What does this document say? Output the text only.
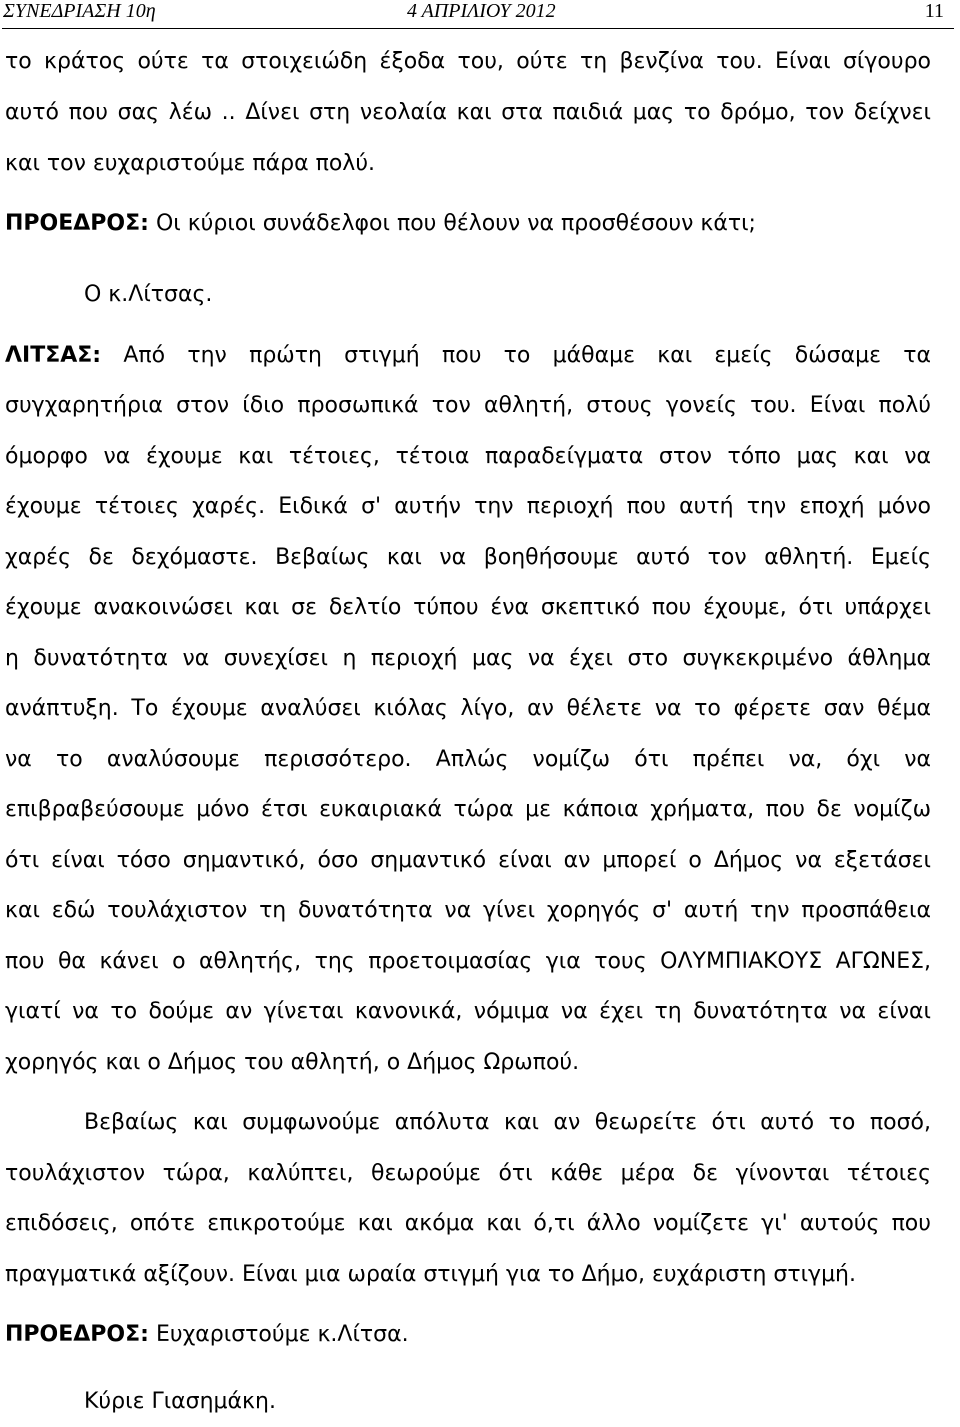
ΣΥΝΕΔΡΙΑΣΗ 10η	4 ΑΠΡΙΛΙΟΥ 2012	11
το κράτος ούτε τα στοιχειώδη έξοδα του, ούτε τη βενζίνα του. Είναι σίγουρο
αυτό που σας λέω .. Δίνει στη νεολαία και στα παιδιά μας το δρόμο, τον δείχνει
και τον ευχαριστούμε πάρα πολύ.
ΠΡΟΕΔΡΟΣ: Οι κύριοι συνάδελφοι που θέλουν να προσθέσουν κάτι;
Ο κ.Λίτσας.
ΛΙΤΣΑΣ: Από την πρώτη στιγμή που το μάθαμε και εμείς δώσαμε τα
συγχαρητήρια στον ίδιο προσωπικά τον αθλητή, στους γονείς του. Είναι πολύ
όμορφο να έχουμε και τέτοιες, τέτοια παραδείγματα στον τόπο μας και να
έχουμε τέτοιες χαρές. Ειδικά σ' αυτήν την περιοχή που αυτή την εποχή μόνο
χαρές δε δεχόμαστε. Βεβαίως και να βοηθήσουμε αυτό τον αθλητή. Εμείς
έχουμε ανακοινώσει και σε δελτίο τύπου ένα σκεπτικό που έχουμε, ότι υπάρχει
η δυνατότητα να συνεχίσει η περιοχή μας να έχει στο συγκεκριμένο άθλημα
ανάπτυξη. Το έχουμε αναλύσει κιόλας λίγο, αν θέλετε να το φέρετε σαν θέμα
να το αναλύσουμε περισσότερο. Απλώς νομίζω ότι πρέπει να, όχι να
επιβραβεύσουμε μόνο έτσι ευκαιριακά τώρα με κάποια χρήματα, που δε νομίζω
ότι είναι τόσο σημαντικό, όσο σημαντικό είναι αν μπορεί ο Δήμος να εξετάσει
και εδώ τουλάχιστον τη δυνατότητα να γίνει χορηγός σ' αυτή την προσπάθεια
που θα κάνει ο αθλητής, της προετοιμασίας για τους ΟΛΥΜΠΙΑΚΟΥΣ ΑΓΩΝΕΣ,
γιατί να το δούμε αν γίνεται κανονικά, νόμιμα να έχει τη δυνατότητα να είναι
χορηγός και ο Δήμος του αθλητή, ο Δήμος Ωρωπού.
Βεβαίως και συμφωνούμε απόλυτα και αν θεωρείτε ότι αυτό το ποσό,
τουλάχιστον τώρα, καλύπτει, θεωρούμε ότι κάθε μέρα δε γίνονται τέτοιες
επιδόσεις, οπότε επικροτούμε και ακόμα και ό,τι άλλο νομίζετε γι' αυτούς που
πραγματικά αξίζουν. Είναι μια ωραία στιγμή για το Δήμο, ευχάριστη στιγμή.
ΠΡΟΕΔΡΟΣ: Ευχαριστούμε κ.Λίτσα.
Κύριε Γιασημάκη.
